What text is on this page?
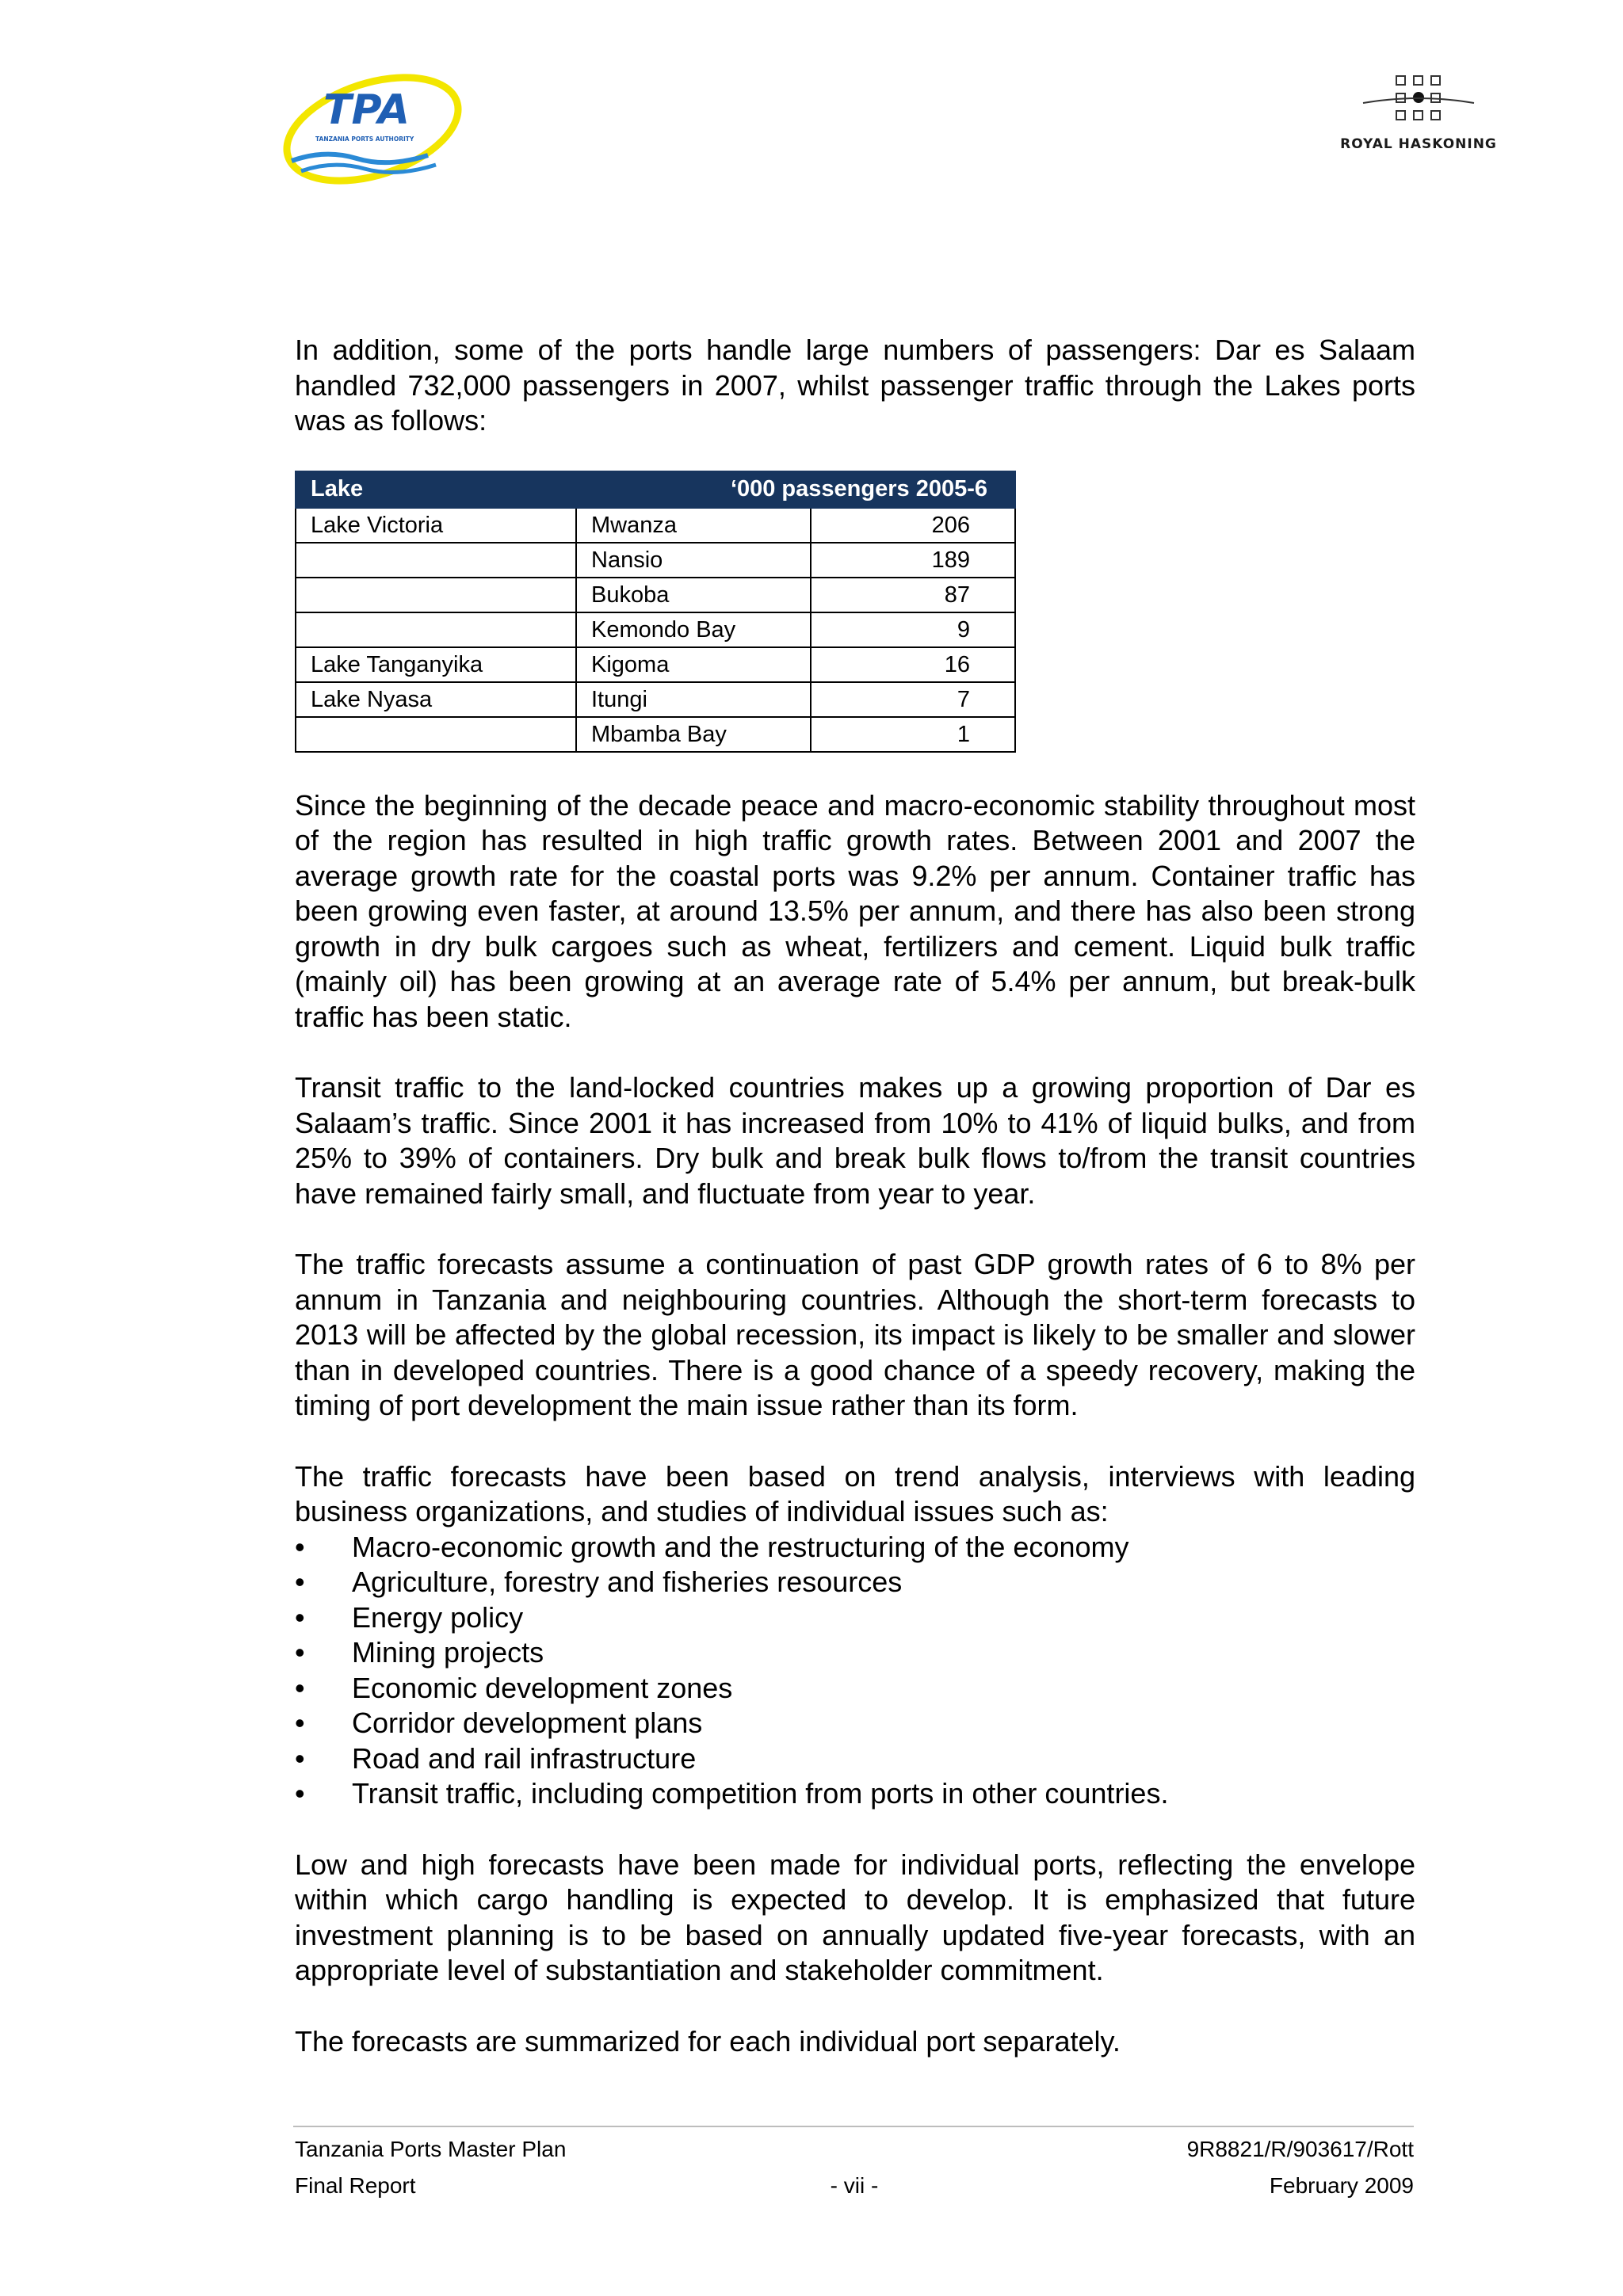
TPA
TANZANIA PORTS AUTHORITY	ROYAL HASKONING

In addition, some of the ports handle large numbers of passengers: Dar es Salaam handled 732,000 passengers in 2007, whilst passenger traffic through the Lakes ports was as follows:

Lake	‘000 passengers 2005-6	
Lake Victoria	Mwanza	206
	Nansio	189
	Bukoba	87
	Kemondo Bay	9
Lake Tanganyika	Kigoma	16
Lake Nyasa	Itungi	7
	Mbamba Bay	1

Since the beginning of the decade peace and macro-economic stability throughout most of the region has resulted in high traffic growth rates. Between 2001 and 2007 the average growth rate for the coastal ports was 9.2% per annum. Container traffic has been growing even faster, at around 13.5% per annum, and there has also been strong growth in dry bulk cargoes such as wheat, fertilizers and cement. Liquid bulk traffic (mainly oil) has been growing at an average rate of 5.4% per annum, but break-bulk traffic has been static.

Transit traffic to the land-locked countries makes up a growing proportion of Dar es Salaam’s traffic. Since 2001 it has increased from 10% to 41% of liquid bulks, and from 25% to 39% of containers. Dry bulk and break bulk flows to/from the transit countries have remained fairly small, and fluctuate from year to year.

The traffic forecasts assume a continuation of past GDP growth rates of 6 to 8% per annum in Tanzania and neighbouring countries. Although the short-term forecasts to 2013 will be affected by the global recession, its impact is likely to be smaller and slower than in developed countries. There is a good chance of a speedy recovery, making the timing of port development the main issue rather than its form.

The traffic forecasts have been based on trend analysis, interviews with leading business organizations, and studies of individual issues such as:

• Macro-economic growth and the restructuring of the economy
• Agriculture, forestry and fisheries resources
• Energy policy
• Mining projects
• Economic development zones
• Corridor development plans
• Road and rail infrastructure
• Transit traffic, including competition from ports in other countries.

Low and high forecasts have been made for individual ports, reflecting the envelope within which cargo handling is expected to develop. It is emphasized that future investment planning is to be based on annually updated five-year forecasts, with an appropriate level of substantiation and stakeholder commitment.

The forecasts are summarized for each individual port separately.

Tanzania Ports Master Plan	9R8821/R/903617/Rott
Final Report	- vii -	February 2009
